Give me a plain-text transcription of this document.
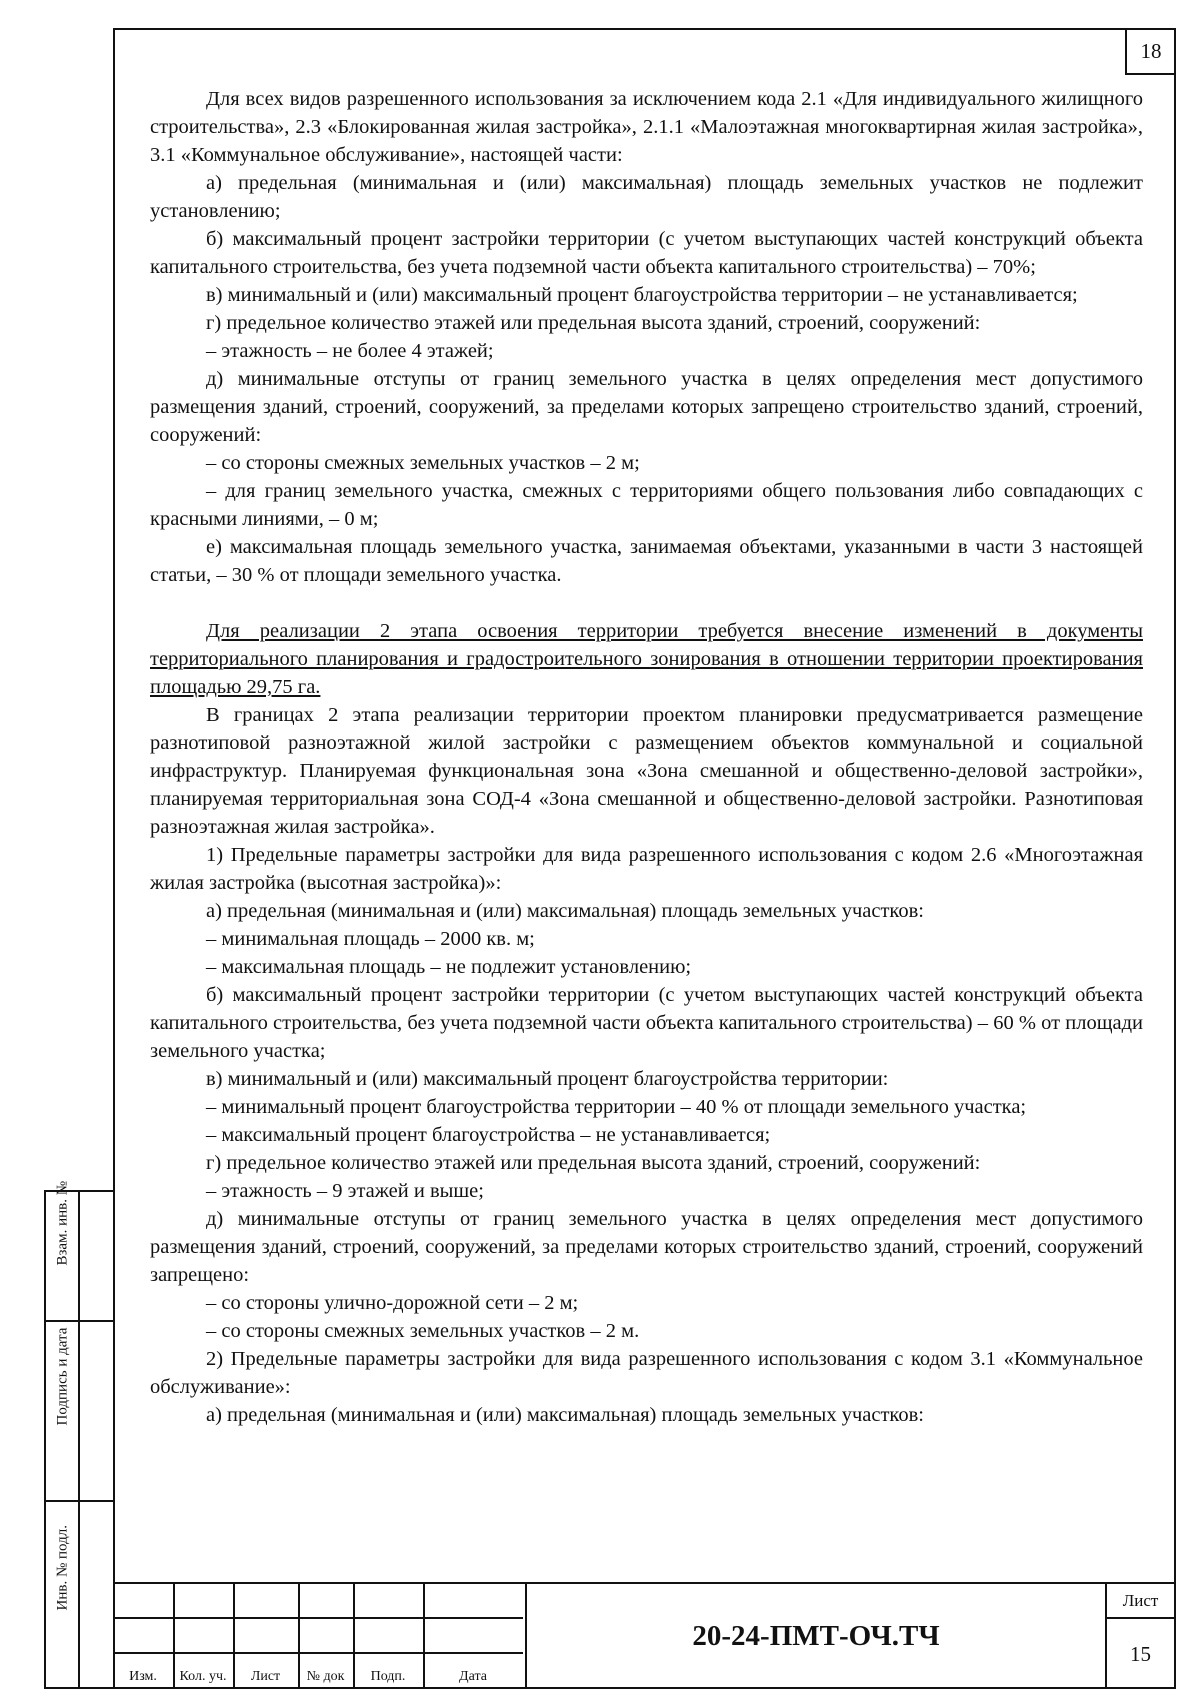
18
Взам. инв. №
Подпись и дата
Инв. № подл.

Для всех видов разрешенного использования за исключением кода 2.1 «Для индивидуального жилищного строительства», 2.3 «Блокированная жилая застройка», 2.1.1 «Малоэтажная многоквартирная жилая застройка», 3.1 «Коммунальное обслуживание», настоящей части:

а) предельная (минимальная и (или) максимальная) площадь земельных участков не подлежит установлению;

б) максимальный процент застройки территории (с учетом выступающих частей конструкций объекта капитального строительства, без учета подземной части объекта капитального строительства) – 70%;

в) минимальный и (или) максимальный процент благоустройства территории – не устанавливается;

г) предельное количество этажей или предельная высота зданий, строений, сооружений:

– этажность – не более 4 этажей;

д) минимальные отступы от границ земельного участка в целях определения мест допустимого размещения зданий, строений, сооружений, за пределами которых запрещено строительство зданий, строений, сооружений:

– со стороны смежных земельных участков – 2 м;

– для границ земельного участка, смежных с территориями общего пользования либо совпадающих с красными линиями, – 0 м;

е) максимальная площадь земельного участка, занимаемая объектами, указанными в части 3 настоящей статьи, – 30 % от площади земельного участка.

Для реализации 2 этапа освоения территории требуется внесение изменений в документы территориального планирования и градостроительного зонирования в отношении территории проектирования площадью 29,75 га.

В границах 2 этапа реализации территории проектом планировки предусматривается размещение разнотиповой разноэтажной жилой застройки с размещением объектов коммунальной и социальной инфраструктур. Планируемая функциональная зона «Зона смешанной и общественно-деловой застройки», планируемая территориальная зона СОД-4 «Зона смешанной и общественно-деловой застройки. Разнотиповая разноэтажная жилая застройка».

1) Предельные параметры застройки для вида разрешенного использования с кодом 2.6 «Многоэтажная жилая застройка (высотная застройка)»:

а) предельная (минимальная и (или) максимальная) площадь земельных участков:

– минимальная площадь – 2000 кв. м;

– максимальная площадь – не подлежит установлению;

б) максимальный процент застройки территории (с учетом выступающих частей конструкций объекта капитального строительства, без учета подземной части объекта капитального строительства) – 60 % от площади земельного участка;

в) минимальный и (или) максимальный процент благоустройства территории:

– минимальный процент благоустройства территории – 40 % от площади земельного участка;

– максимальный процент благоустройства – не устанавливается;

г) предельное количество этажей или предельная высота зданий, строений, сооружений:

– этажность – 9 этажей и выше;

д) минимальные отступы от границ земельного участка в целях определения мест допустимого размещения зданий, строений, сооружений, за пределами которых строительство зданий, строений, сооружений запрещено:

– со стороны улично-дорожной сети – 2 м;

– со стороны смежных земельных участков – 2 м.

2) Предельные параметры застройки для вида разрешенного использования с кодом 3.1 «Коммунальное обслуживание»:

а) предельная (минимальная и (или) максимальная) площадь земельных участков:

Изм.	Кол. уч.	Лист	№ док	Подп.	Дата
20-24-ПМТ-ОЧ.ТЧ
Лист
15
